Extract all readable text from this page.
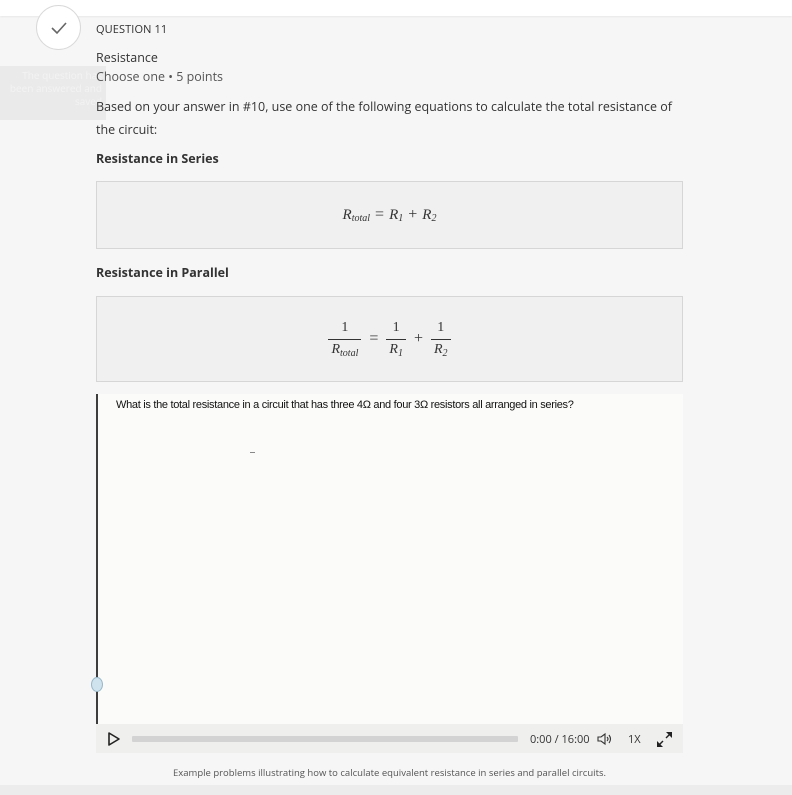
The question has been answered and saved
QUESTION 11
Resistance
Choose one • 5 points
Based on your answer in #10, use one of the following equations to calculate the total resistance of the circuit:
Resistance in Series
R total = R 1 + R 2
Resistance in Parallel
$\frac{1}{R_{total}} = \frac{1}{R_1} + \frac{1}{R_2}$
What is the total resistance in a circuit that has three 4Ω and four 3Ω resistors all arranged in series?
0:00 / 16:00	1X
Example problems illustrating how to calculate equivalent resistance in series and parallel circuits.
